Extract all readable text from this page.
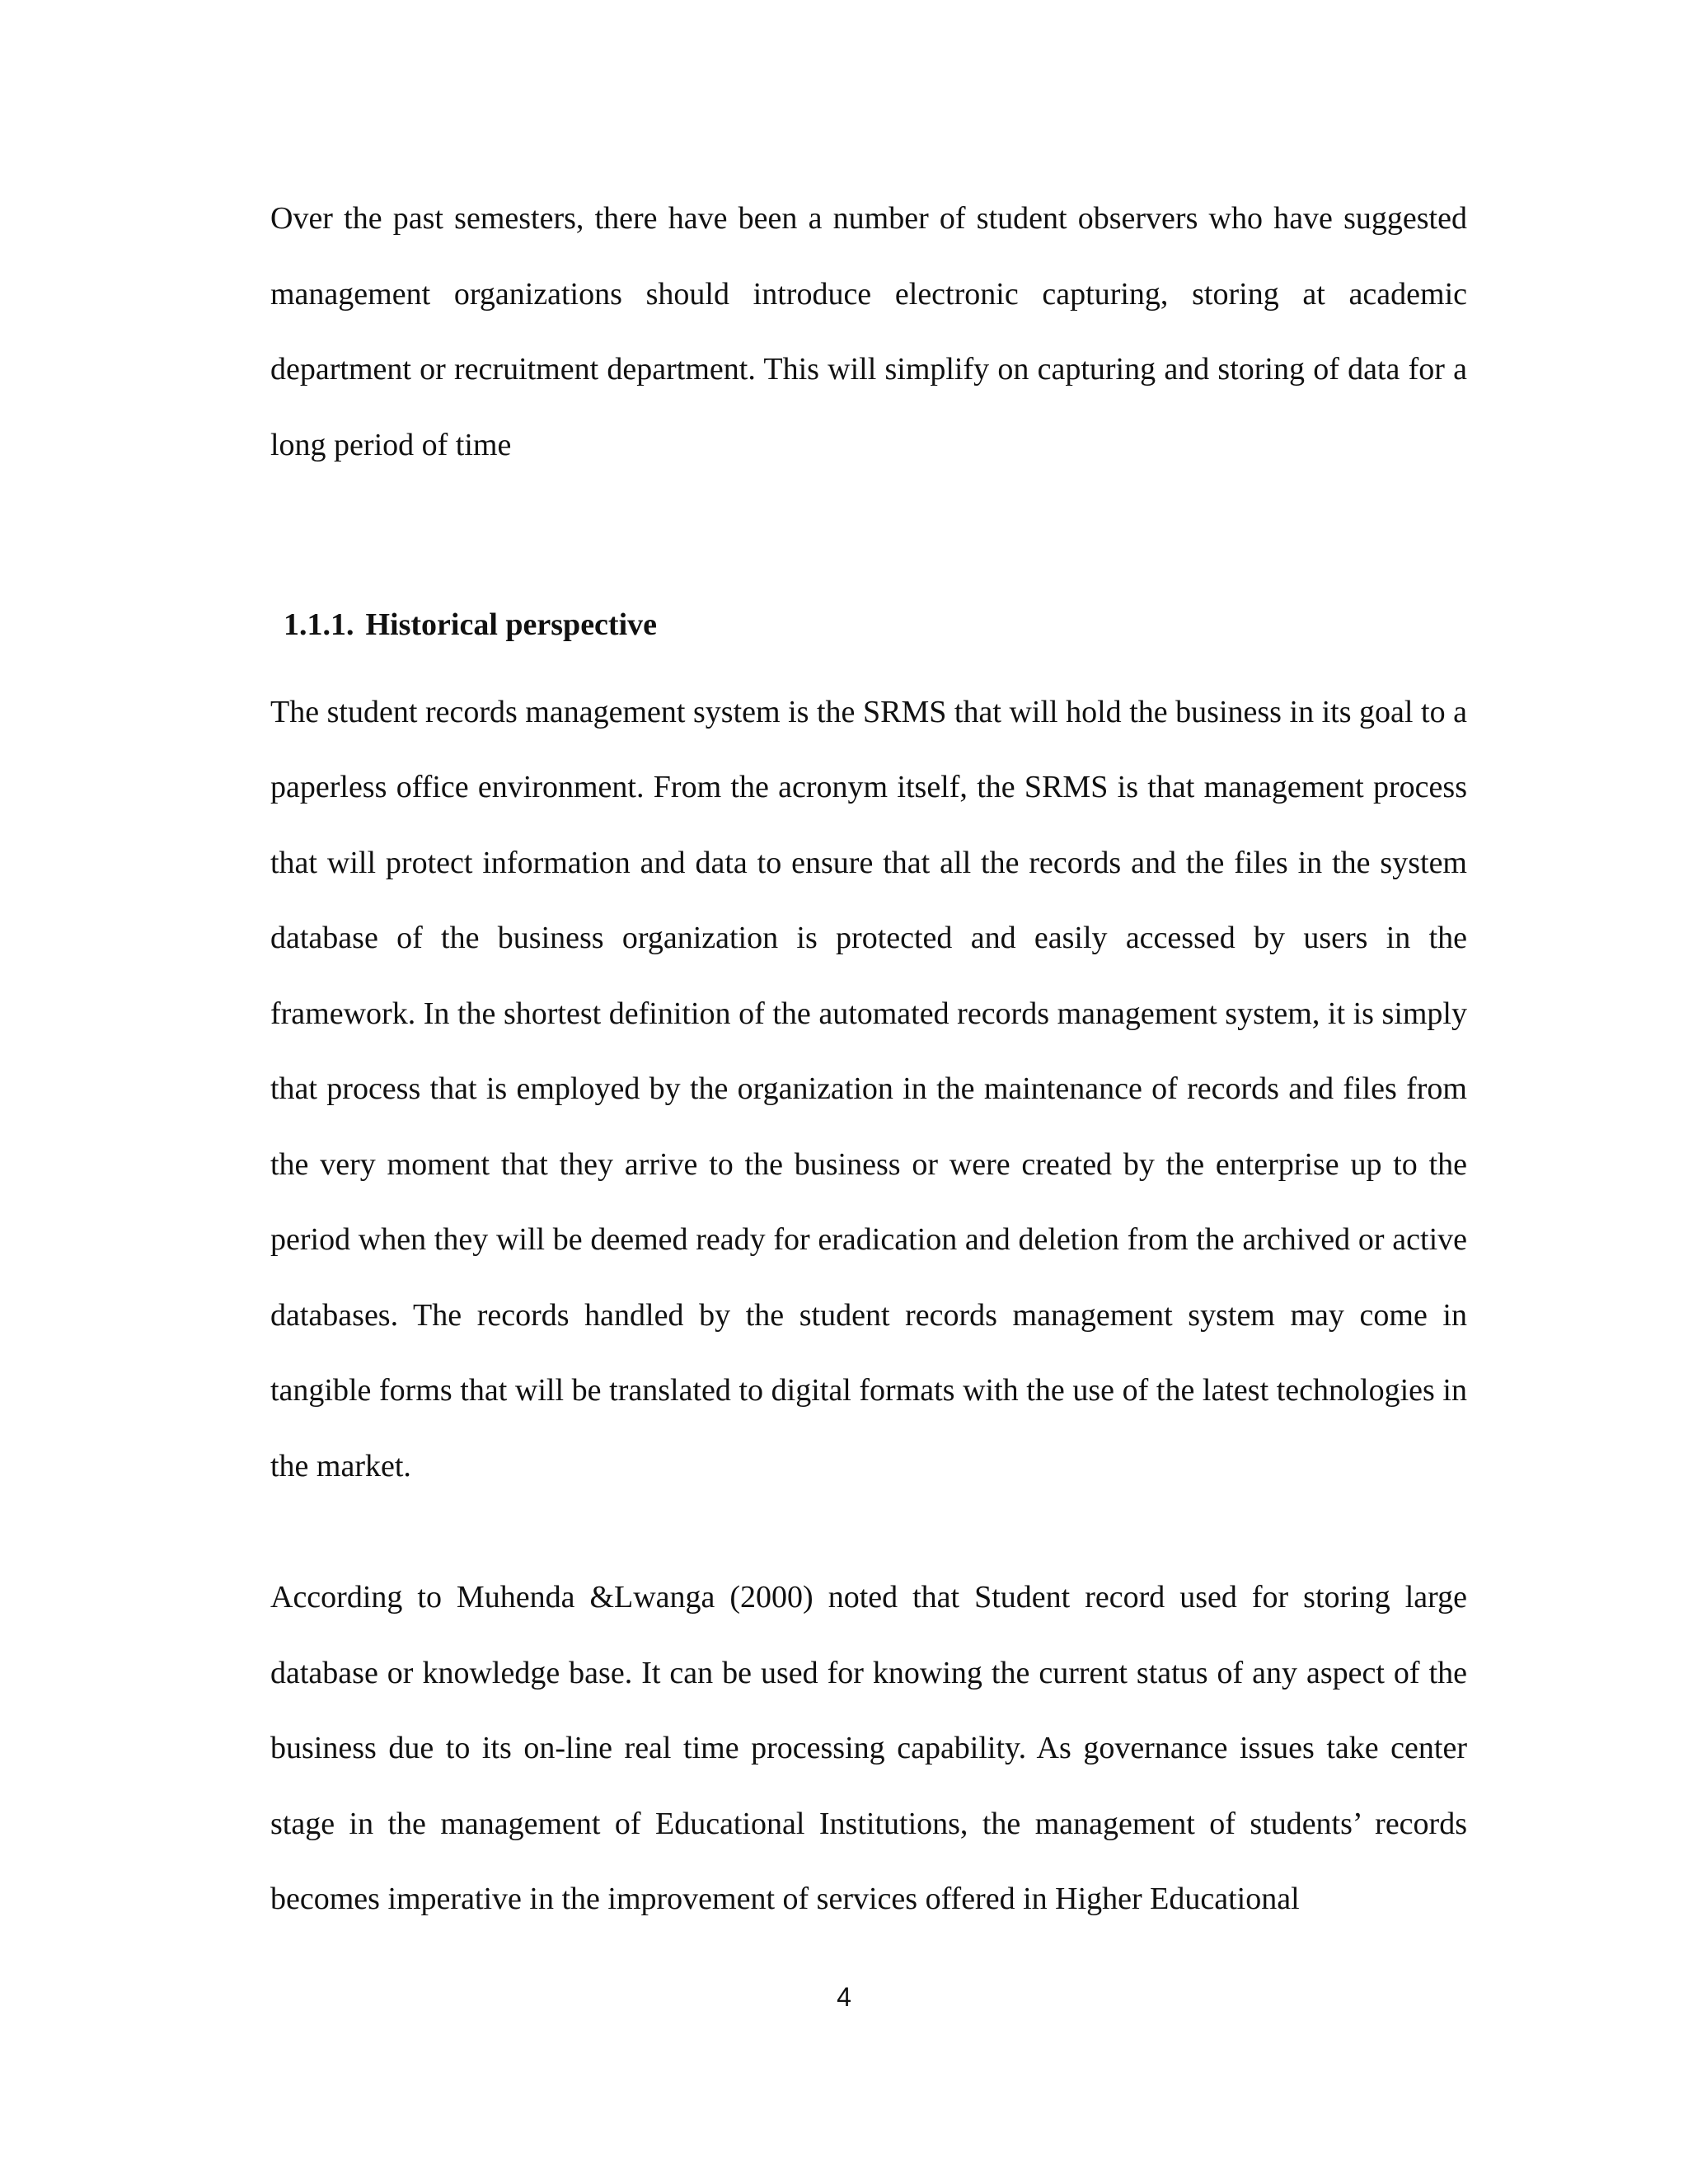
Over the past semesters, there have been a number of student observers who have suggested management organizations should introduce electronic capturing, storing at academic department or recruitment department. This will simplify on capturing and storing of data for a long period of time

1.1.1. Historical perspective

The student records management system is the SRMS that will hold the business in its goal to a paperless office environment. From the acronym itself, the SRMS is that management process that will protect information and data to ensure that all the records and the files in the system database of the business organization is protected and easily accessed by users in the framework. In the shortest definition of the automated records management system, it is simply that process that is employed by the organization in the maintenance of records and files from the very moment that they arrive to the business or were created by the enterprise up to the period when they will be deemed ready for eradication and deletion from the archived or active databases. The records handled by the student records management system may come in tangible forms that will be translated to digital formats with the use of the latest technologies in the market.

According to Muhenda &Lwanga (2000) noted that Student record used for storing large database or knowledge base. It can be used for knowing the current status of any aspect of the business due to its on-line real time processing capability. As governance issues take center stage in the management of Educational Institutions, the management of students’ records becomes imperative in the improvement of services offered in Higher Educational

4
